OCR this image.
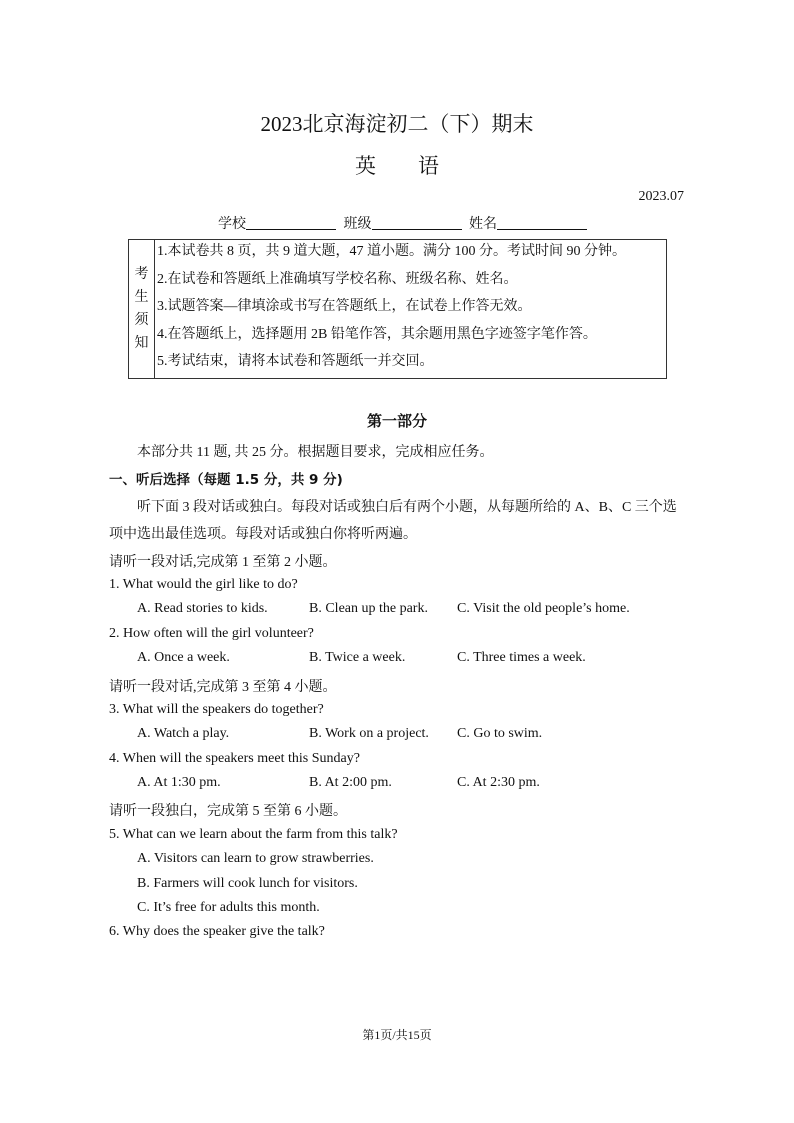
2023北京海淀初二（下）期末
英 语
2023.07
学校	班级	姓名
考
生
须
知
1.本试卷共 8 页，共 9 道大题，47 道小题。满分 100 分。考试时间 90 分钟。
2.在试卷和答题纸上准确填写学校名称、班级名称、姓名。
3.试题答案—律填涂或书写在答题纸上，在试卷上作答无效。
4.在答题纸上，选择题用 2B 铅笔作答，其余题用黑色字迹签字笔作答。
5.考试结束，请将本试卷和答题纸一并交回。
第一部分
本部分共 11 题, 共 25 分。根据题目要求，完成相应任务。
一、听后选择（每题 1.5 分，共 9 分)
听下面 3 段对话或独白。每段对话或独白后有两个小题，从每题所给的 A、B、C 三个选
项中选出最佳选项。每段对话或独白你将听两遍。
请听一段对话,完成第 1 至第 2 小题。
1. What would the girl like to do?
A. Read stories to kids.	B. Clean up the park. C. Visit the old people’s home.
2. How often will the girl volunteer?
A. Once a week.	B. Twice a week.	C. Three times a week.
请听一段对话,完成第 3 至第 4 小题。
3. What will the speakers do together?
A. Watch a play.	B. Work on a project. C. Go to swim.
4. When will the speakers meet this Sunday?
A. At 1:30 pm.	B. At 2:00 pm.	C. At 2:30 pm.
请听一段独白，完成第 5 至第 6 小题。
5. What can we learn about the farm from this talk?
A. Visitors can learn to grow strawberries.
B. Farmers will cook lunch for visitors.
C. It’s free for adults this month.
6. Why does the speaker give the talk?
第1页/共15页
